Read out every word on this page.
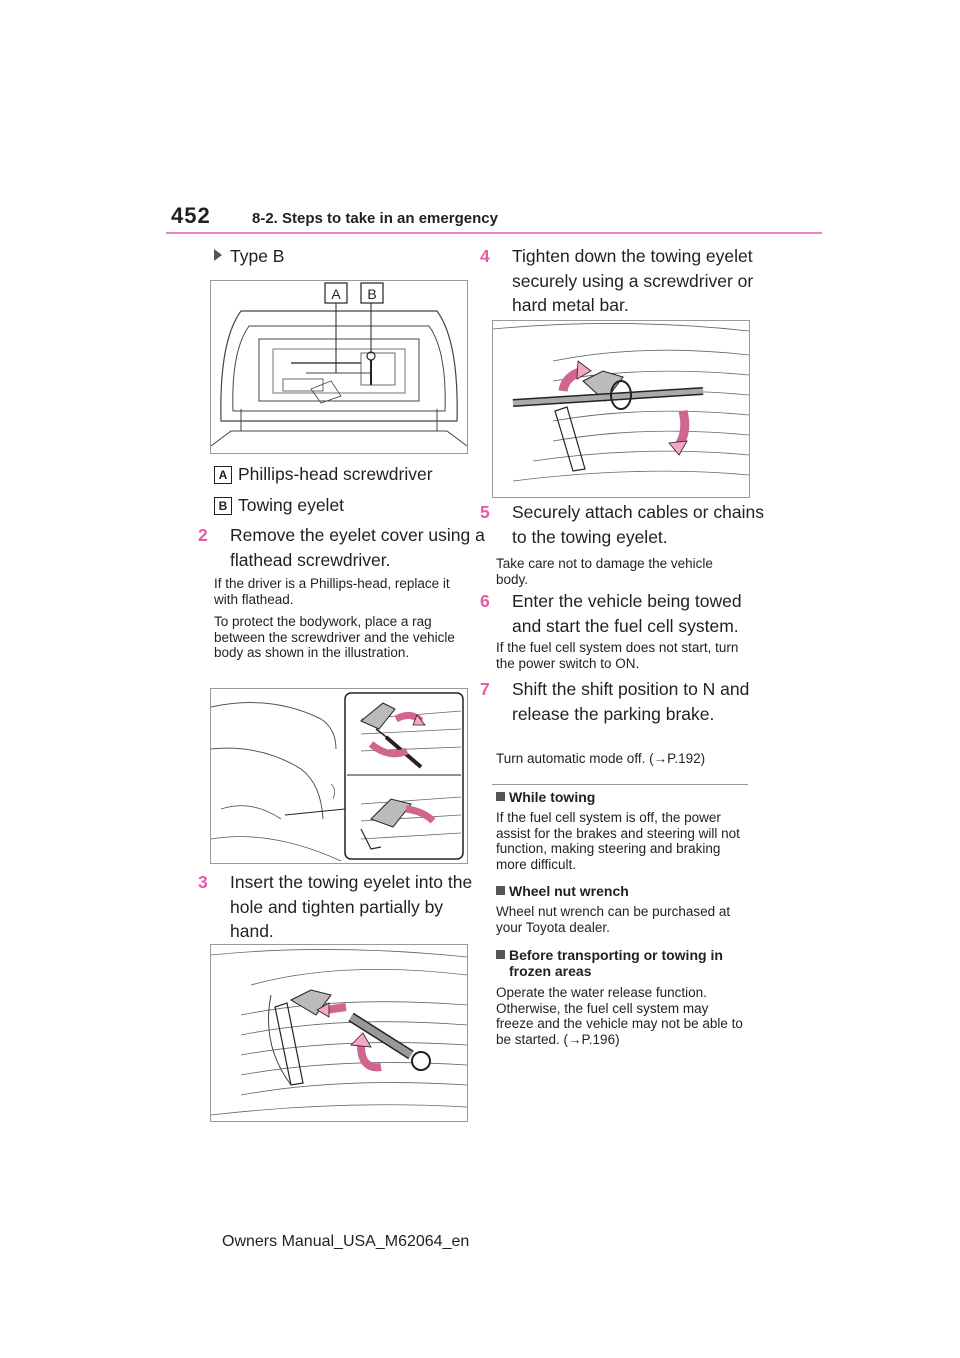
452	8-2. Steps to take in an emergency
Type B
A B
A Phillips-head screwdriver
B Towing eyelet
2 Remove the eyelet cover using a flathead screwdriver.
If the driver is a Phillips-head, replace it with flathead.
To protect the bodywork, place a rag between the screwdriver and the vehicle body as shown in the illustration.
3 Insert the towing eyelet into the hole and tighten partially by hand.
4 Tighten down the towing eyelet securely using a screwdriver or hard metal bar.
5 Securely attach cables or chains to the towing eyelet.
Take care not to damage the vehicle body.
6 Enter the vehicle being towed and start the fuel cell system.
If the fuel cell system does not start, turn the power switch to ON.
7 Shift the shift position to N and release the parking brake.
Turn automatic mode off. (→P.192)
While towing
If the fuel cell system is off, the power assist for the brakes and steering will not function, making steering and braking more difficult.
Wheel nut wrench
Wheel nut wrench can be purchased at your Toyota dealer.
Before transporting or towing in frozen areas
Operate the water release function. Otherwise, the fuel cell system may freeze and the vehicle may not be able to be started. (→P.196)
Owners Manual_USA_M62064_en
